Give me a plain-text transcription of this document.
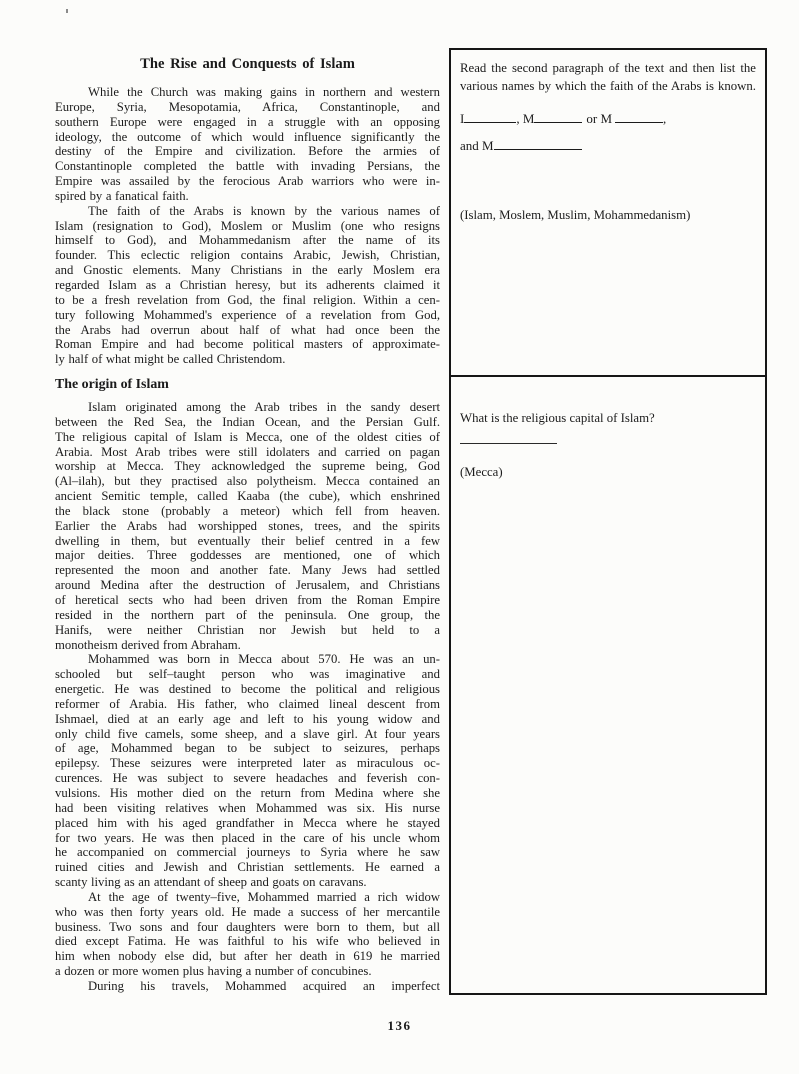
The Rise and Conquests of Islam
While the Church was making gains in northern and western
Europe, Syria, Mesopotamia, Africa, Constantinople, and
southern Europe were engaged in a struggle with an opposing
ideology, the outcome of which would influence significantly the
destiny of the Empire and civilization. Before the armies of
Constantinople completed the battle with invading Persians, the
Empire was assailed by the ferocious Arab warriors who were in-
spired by a fanatical faith.
The faith of the Arabs is known by the various names of
Islam (resignation to God), Moslem or Muslim (one who resigns
himself to God), and Mohammedanism after the name of its
founder. This eclectic religion contains Arabic, Jewish, Christian,
and Gnostic elements. Many Christians in the early Moslem era
regarded Islam as a Christian heresy, but its adherents claimed it
to be a fresh revelation from God, the final religion. Within a cen-
tury following Mohammed's experience of a revelation from God,
the Arabs had overrun about half of what had once been the
Roman Empire and had become political masters of approximate-
ly half of what might be called Christendom.
The origin of Islam
Islam originated among the Arab tribes in the sandy desert
between the Red Sea, the Indian Ocean, and the Persian Gulf.
The religious capital of Islam is Mecca, one of the oldest cities of
Arabia. Most Arab tribes were still idolaters and carried on pagan
worship at Mecca. They acknowledged the supreme being, God
(Al–ilah), but they practised also polytheism. Mecca contained an
ancient Semitic temple, called Kaaba (the cube), which enshrined
the black stone (probably a meteor) which fell from heaven.
Earlier the Arabs had worshipped stones, trees, and the spirits
dwelling in them, but eventually their belief centred in a few
major deities. Three goddesses are mentioned, one of which
represented the moon and another fate. Many Jews had settled
around Medina after the destruction of Jerusalem, and Christians
of heretical sects who had been driven from the Roman Empire
resided in the northern part of the peninsula. One group, the
Hanifs, were neither Christian nor Jewish but held to a
monotheism derived from Abraham.
Mohammed was born in Mecca about 570. He was an un-
schooled but self–taught person who was imaginative and
energetic. He was destined to become the political and religious
reformer of Arabia. His father, who claimed lineal descent from
Ishmael, died at an early age and left to his young widow and
only child five camels, some sheep, and a slave girl. At four years
of age, Mohammed began to be subject to seizures, perhaps
epilepsy. These seizures were interpreted later as miraculous oc-
curences. He was subject to severe headaches and feverish con-
vulsions. His mother died on the return from Medina where she
had been visiting relatives when Mohammed was six. His nurse
placed him with his aged grandfather in Mecca where he stayed
for two years. He was then placed in the care of his uncle whom
he accompanied on commercial journeys to Syria where he saw
ruined cities and Jewish and Christian settlements. He earned a
scanty living as an attendant of sheep and goats on caravans.
At the age of twenty–five, Mohammed married a rich widow
who was then forty years old. He made a success of her mercantile
business. Two sons and four daughters were born to them, but all
died except Fatima. He was faithful to his wife who believed in
him when nobody else did, but after her death in 619 he married
a dozen or more women plus having a number of concubines.
During his travels, Mohammed acquired an imperfect
Read the second paragraph of the text and then list the
various names by which the faith of the Arabs is known.
I	, M	or M	,
and M
(Islam, Moslem, Muslim, Mohammedanism)
What is the religious capital of Islam?
(Mecca)
136
